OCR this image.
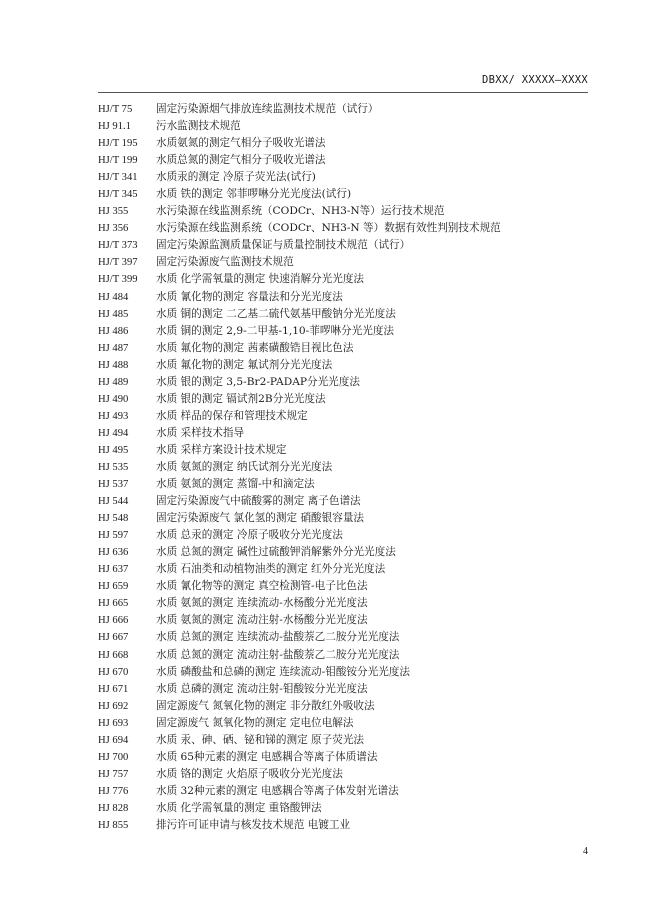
DBXX/ XXXXX—XXXX
HJ/T 75	固定污染源烟气排放连续监测技术规范（试行）
HJ 91.1	污水监测技术规范
HJ/T 195	水质氨氮的测定气相分子吸收光谱法
HJ/T 199	水质总氮的测定气相分子吸收光谱法
HJ/T 341	水质汞的测定 冷原子荧光法(试行)
HJ/T 345	水质 铁的测定 邻菲啰啉分光光度法(试行)
HJ 355	水污染源在线监测系统（CODCr、NH3-N等）运行技术规范
HJ 356	水污染源在线监测系统（CODCr、NH3-N 等）数据有效性判别技术规范
HJ/T 373	固定污染源监测质量保证与质量控制技术规范（试行）
HJ/T 397	固定污染源废气监测技术规范
HJ/T 399	水质 化学需氧量的测定 快速消解分光光度法
HJ 484	水质 氰化物的测定 容量法和分光光度法
HJ 485	水质 铜的测定 二乙基二硫代氨基甲酸钠分光光度法
HJ 486	水质 铜的测定 2,9-二甲基-1,10-菲啰啉分光光度法
HJ 487	水质 氟化物的测定 茜素磺酸锆目视比色法
HJ 488	水质 氟化物的测定 氟试剂分光光度法
HJ 489	水质 银的测定 3,5-Br2-PADAP分光光度法
HJ 490	水质 银的测定 镉试剂2B分光光度法
HJ 493	水质 样品的保存和管理技术规定
HJ 494	水质 采样技术指导
HJ 495	水质 采样方案设计技术规定
HJ 535	水质 氨氮的测定 纳氏试剂分光光度法
HJ 537	水质 氨氮的测定 蒸馏-中和滴定法
HJ 544	固定污染源废气中硫酸雾的测定 离子色谱法
HJ 548	固定污染源废气 氯化氢的测定 硝酸银容量法
HJ 597	水质 总汞的测定 冷原子吸收分光光度法
HJ 636	水质 总氮的测定 碱性过硫酸钾消解紫外分光光度法
HJ 637	水质 石油类和动植物油类的测定 红外分光光度法
HJ 659	水质 氰化物等的测定 真空检测管-电子比色法
HJ 665	水质 氨氮的测定 连续流动-水杨酸分光光度法
HJ 666	水质 氨氮的测定 流动注射-水杨酸分光光度法
HJ 667	水质 总氮的测定 连续流动-盐酸萘乙二胺分光光度法
HJ 668	水质 总氮的测定 流动注射-盐酸萘乙二胺分光光度法
HJ 670	水质 磷酸盐和总磷的测定 连续流动-钼酸铵分光光度法
HJ 671	水质 总磷的测定 流动注射-钼酸铵分光光度法
HJ 692	固定源废气 氮氧化物的测定 非分散红外吸收法
HJ 693	固定源废气 氮氧化物的测定 定电位电解法
HJ 694	水质 汞、砷、硒、铋和锑的测定 原子荧光法
HJ 700	水质 65种元素的测定 电感耦合等离子体质谱法
HJ 757	水质 铬的测定 火焰原子吸收分光光度法
HJ 776	水质 32种元素的测定 电感耦合等离子体发射光谱法
HJ 828	水质 化学需氧量的测定 重铬酸钾法
HJ 855	排污许可证申请与核发技术规范 电镀工业
4
